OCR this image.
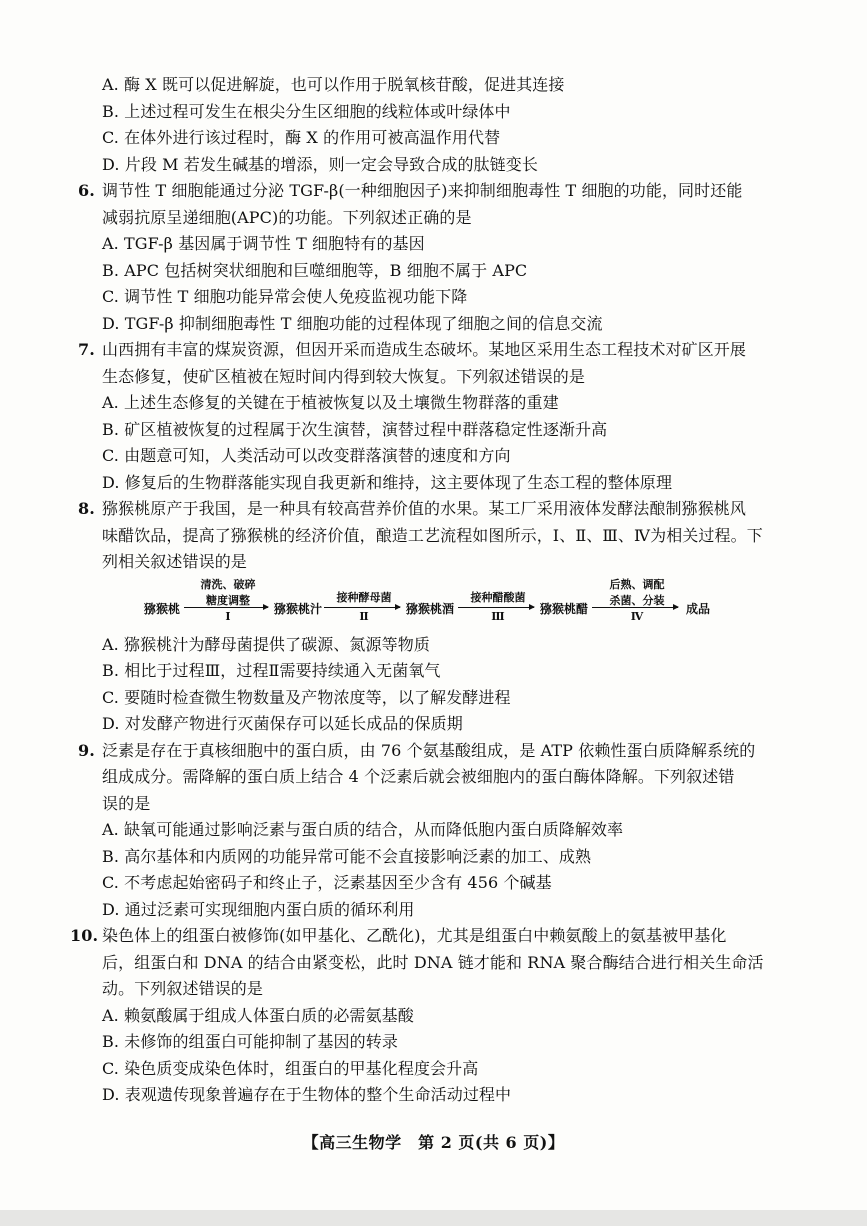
A. 酶 X 既可以促进解旋，也可以作用于脱氧核苷酸，促进其连接
B. 上述过程可发生在根尖分生区细胞的线粒体或叶绿体中
C. 在体外进行该过程时，酶 X 的作用可被高温作用代替
D. 片段 M 若发生碱基的增添，则一定会导致合成的肽链变长
6. 调节性 T 细胞能通过分泌 TGF-β(一种细胞因子)来抑制细胞毒性 T 细胞的功能，同时还能
减弱抗原呈递细胞(APC)的功能。下列叙述正确的是
A. TGF-β 基因属于调节性 T 细胞特有的基因
B. APC 包括树突状细胞和巨噬细胞等，B 细胞不属于 APC
C. 调节性 T 细胞功能异常会使人免疫监视功能下降
D. TGF-β 抑制细胞毒性 T 细胞功能的过程体现了细胞之间的信息交流
7. 山西拥有丰富的煤炭资源，但因开采而造成生态破坏。某地区采用生态工程技术对矿区开展
生态修复，使矿区植被在短时间内得到较大恢复。下列叙述错误的是
A. 上述生态修复的关键在于植被恢复以及土壤微生物群落的重建
B. 矿区植被恢复的过程属于次生演替，演替过程中群落稳定性逐渐升高
C. 由题意可知，人类活动可以改变群落演替的速度和方向
D. 修复后的生物群落能实现自我更新和维持，这主要体现了生态工程的整体原理
8. 猕猴桃原产于我国，是一种具有较高营养价值的水果。某工厂采用液体发酵法酿制猕猴桃风
味醋饮品，提高了猕猴桃的经济价值，酿造工艺流程如图所示，Ⅰ、Ⅱ、Ⅲ、Ⅳ为相关过程。下
列相关叙述错误的是
猕猴桃
清洗、破碎
糖度调整
Ⅰ
猕猴桃汁
接种酵母菌
Ⅱ
猕猴桃酒
接种醋酸菌
Ⅲ
猕猴桃醋
后熟、调配
杀菌、分装
Ⅳ
成品
A. 猕猴桃汁为酵母菌提供了碳源、氮源等物质
B. 相比于过程Ⅲ，过程Ⅱ需要持续通入无菌氧气
C. 要随时检查微生物数量及产物浓度等，以了解发酵进程
D. 对发酵产物进行灭菌保存可以延长成品的保质期
9. 泛素是存在于真核细胞中的蛋白质，由 76 个氨基酸组成，是 ATP 依赖性蛋白质降解系统的
组成成分。需降解的蛋白质上结合 4 个泛素后就会被细胞内的蛋白酶体降解。下列叙述错
误的是
A. 缺氧可能通过影响泛素与蛋白质的结合，从而降低胞内蛋白质降解效率
B. 高尔基体和内质网的功能异常可能不会直接影响泛素的加工、成熟
C. 不考虑起始密码子和终止子，泛素基因至少含有 456 个碱基
D. 通过泛素可实现细胞内蛋白质的循环利用
10. 染色体上的组蛋白被修饰(如甲基化、乙酰化)，尤其是组蛋白中赖氨酸上的氨基被甲基化
后，组蛋白和 DNA 的结合由紧变松，此时 DNA 链才能和 RNA 聚合酶结合进行相关生命活
动。下列叙述错误的是
A. 赖氨酸属于组成人体蛋白质的必需氨基酸
B. 未修饰的组蛋白可能抑制了基因的转录
C. 染色质变成染色体时，组蛋白的甲基化程度会升高
D. 表观遗传现象普遍存在于生物体的整个生命活动过程中
【高三生物学　第 2 页(共 6 页)】
